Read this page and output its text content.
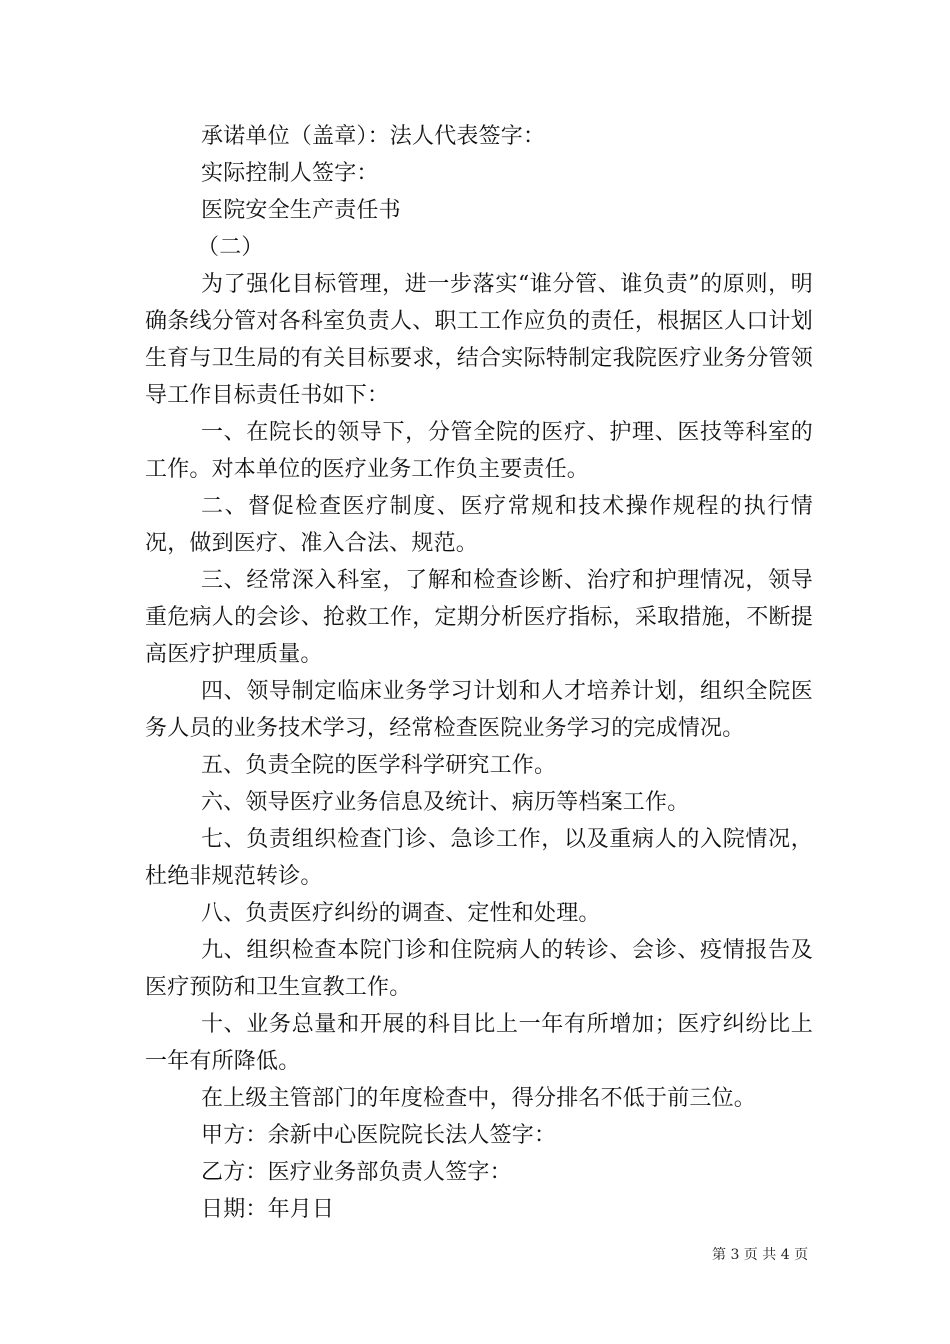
承诺单位（盖章）：法人代表签字：

实际控制人签字：

医院安全生产责任书

（二）

为了强化目标管理，进一步落实“谁分管、谁负责”的原则，明确条线分管对各科室负责人、职工工作应负的责任，根据区人口计划生育与卫生局的有关目标要求，结合实际特制定我院医疗业务分管领导工作目标责任书如下：

一、在院长的领导下，分管全院的医疗、护理、医技等科室的工作。对本单位的医疗业务工作负主要责任。

二、督促检查医疗制度、医疗常规和技术操作规程的执行情况，做到医疗、准入合法、规范。

三、经常深入科室，了解和检查诊断、治疗和护理情况，领导重危病人的会诊、抢救工作，定期分析医疗指标，采取措施，不断提高医疗护理质量。

四、领导制定临床业务学习计划和人才培养计划，组织全院医务人员的业务技术学习，经常检查医院业务学习的完成情况。

五、负责全院的医学科学研究工作。

六、领导医疗业务信息及统计、病历等档案工作。

七、负责组织检查门诊、急诊工作，以及重病人的入院情况，杜绝非规范转诊。

八、负责医疗纠纷的调查、定性和处理。

九、组织检查本院门诊和住院病人的转诊、会诊、疫情报告及医疗预防和卫生宣教工作。

十、业务总量和开展的科目比上一年有所增加；医疗纠纷比上一年有所降低。

在上级主管部门的年度检查中，得分排名不低于前三位。

甲方：余新中心医院院长法人签字：

乙方：医疗业务部负责人签字：

日期：年月日

第 3 页 共 4 页
